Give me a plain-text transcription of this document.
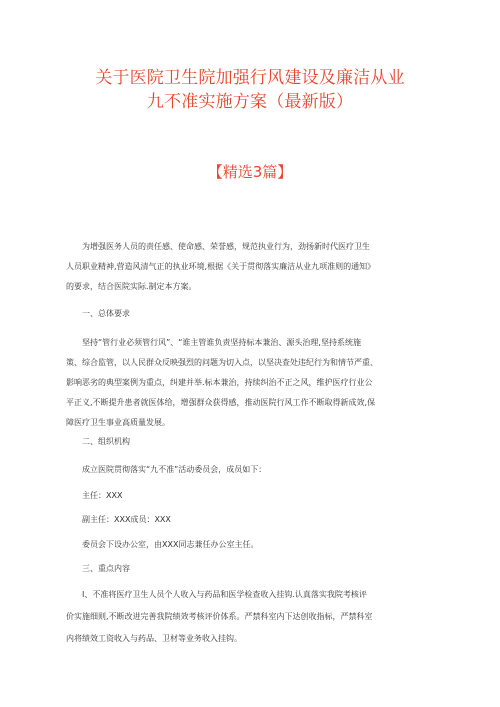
关于医院卫生院加强行风建设及廉洁从业
九不准实施方案（最新版）
【精选3篇】
为增强医务人员的责任感、使命感、荣誉感，规范执业行为，劲扬新时代医疗卫生
人员职业精神,营造风清气正的执业环境,根据《关于贯彻落实廉洁从业九项准则的通知》
的要求，结合医院实际.制定本方案。
一、总体要求
坚持“管行业必须管行风”、“谁主管谁负责坚持标本兼治、源头治理,坚持系统施
策、综合监管，以人民群众反映强烈的问题为切入点，以坚决查处违纪行为和情节严重、
影响恶劣的典型案例为重点，纠建并举.标本兼治，持续纠治不正之风，维护医疗行业公
平正义,不断提升患者就医体给，增强群众获得感，推动医院行风工作不断取得新成效,保
障医疗卫生事业高质量发展。
二、组织机构
成立医院贯彻落实“九不准”活动委员会，成员如下：
主任：XXX
副主任：XXX成员：XXX
委员会下设办公室，由XXX同志兼任办公室主任。
三、重点内容
I、不准将医疗卫生人员个人收入与药品和医学检查收入挂钩.认真落实我院考核评
价实施细则,不断改进完善我院绩效考核评价体系。严禁科室内下达创收指标，严禁科室
内将绩效工资收入与药品、卫材等业务收入挂钩。
